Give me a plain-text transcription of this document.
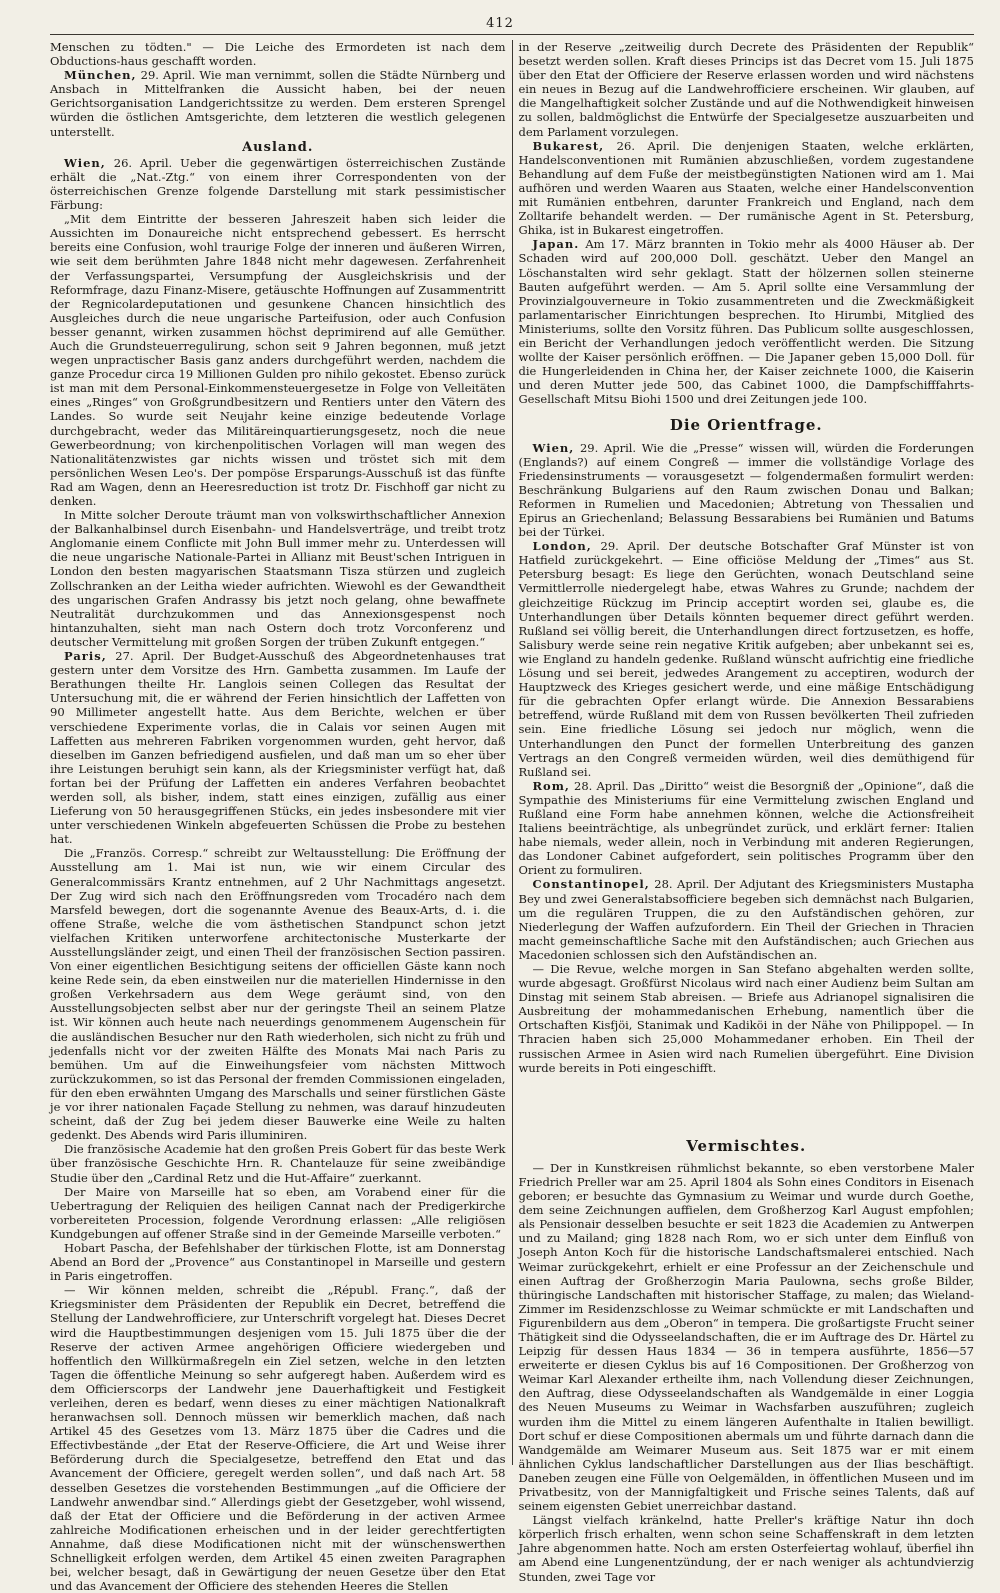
412

Menschen zu tödten." — Die Leiche des Ermordeten ist nach dem Obductions-haus geschafft worden.

München, 29. April. Wie man vernimmt, sollen die Städte Nürnberg und Ansbach in Mittelfranken die Aussicht haben, bei der neuen Gerichtsorganisation Landgerichtssitze zu werden. Dem ersteren Sprengel würden die östlichen Amtsgerichte, dem letzteren die westlich gelegenen unterstellt.

Ausland.

Wien, 26. April. Ueber die gegenwärtigen österreichischen Zustände erhält die „Nat.-Ztg.“ von einem ihrer Correspondenten von der österreichischen Grenze folgende Darstellung mit stark pessimistischer Färbung:

„Mit dem Eintritte der besseren Jahreszeit haben sich leider die Aussichten im Donaureiche nicht entsprechend gebessert. Es herrscht bereits eine Confusion, wohl traurige Folge der inneren und äußeren Wirren, wie seit dem berühmten Jahre 1848 nicht mehr dagewesen. Zerfahrenheit der Verfassungspartei, Versumpfung der Ausgleichskrisis und der Reformfrage, dazu Finanz-Misere, getäuschte Hoffnungen auf Zusammentritt der Regnicolardeputationen und gesunkene Chancen hinsichtlich des Ausgleiches durch die neue ungarische Parteifusion, oder auch Confusion besser genannt, wirken zusammen höchst deprimirend auf alle Gemüther. Auch die Grundsteuerregulirung, schon seit 9 Jahren begonnen, muß jetzt wegen unpractischer Basis ganz anders durchgeführt werden, nachdem die ganze Procedur circa 19 Millionen Gulden pro nihilo gekostet. Ebenso zurück ist man mit dem Personal-Einkommensteuergesetze in Folge von Velleitäten eines „Ringes“ von Großgrundbesitzern und Rentiers unter den Vätern des Landes. So wurde seit Neujahr keine einzige bedeutende Vorlage durchgebracht, weder das Militäreinquartierungsgesetz, noch die neue Gewerbeordnung; von kirchenpolitischen Vorlagen will man wegen des Nationalitätenzwistes gar nichts wissen und tröstet sich mit dem persönlichen Wesen Leo's. Der pompöse Ersparungs-Ausschuß ist das fünfte Rad am Wagen, denn an Heeresreduction ist trotz Dr. Fischhoff gar nicht zu denken.

In Mitte solcher Deroute träumt man von volkswirthschaftlicher Annexion der Balkanhalbinsel durch Eisenbahn- und Handelsverträge, und treibt trotz Anglomanie einem Conflicte mit John Bull immer mehr zu. Unterdessen will die neue ungarische Nationale-Partei in Allianz mit Beust'schen Intriguen in London den besten magyarischen Staatsmann Tisza stürzen und zugleich Zollschranken an der Leitha wieder aufrichten. Wiewohl es der Gewandtheit des ungarischen Grafen Andrassy bis jetzt noch gelang, ohne bewaffnete Neutralität durchzukommen und das Annexionsgespenst noch hintanzuhalten, sieht man nach Ostern doch trotz Vorconferenz und deutscher Vermittelung mit großen Sorgen der trüben Zukunft entgegen.“

Paris, 27. April. Der Budget-Ausschuß des Abgeordnetenhauses trat gestern unter dem Vorsitze des Hrn. Gambetta zusammen. Im Laufe der Berathungen theilte Hr. Langlois seinen Collegen das Resultat der Untersuchung mit, die er während der Ferien hinsichtlich der Laffetten von 90 Millimeter angestellt hatte. Aus dem Berichte, welchen er über verschiedene Experimente vorlas, die in Calais vor seinen Augen mit Laffetten aus mehreren Fabriken vorgenommen wurden, geht hervor, daß dieselben im Ganzen befriedigend ausfielen, und daß man um so eher über ihre Leistungen beruhigt sein kann, als der Kriegsminister verfügt hat, daß fortan bei der Prüfung der Laffetten ein anderes Verfahren beobachtet werden soll, als bisher, indem, statt eines einzigen, zufällig aus einer Lieferung von 50 herausgegriffenen Stücks, ein jedes insbesondere mit vier unter verschiedenen Winkeln abgefeuerten Schüssen die Probe zu bestehen hat.

Die „Französ. Corresp.“ schreibt zur Weltausstellung: Die Eröffnung der Ausstellung am 1. Mai ist nun, wie wir einem Circular des Generalcommissärs Krantz entnehmen, auf 2 Uhr Nachmittags angesetzt. Der Zug wird sich nach den Eröffnungsreden vom Trocadéro nach dem Marsfeld bewegen, dort die sogenannte Avenue des Beaux-Arts, d. i. die offene Straße, welche die vom ästhetischen Standpunct schon jetzt vielfachen Kritiken unterworfene architectonische Musterkarte der Ausstellungsländer zeigt, und einen Theil der französischen Section passiren. Von einer eigentlichen Besichtigung seitens der officiellen Gäste kann noch keine Rede sein, da eben einstweilen nur die materiellen Hindernisse in den großen Verkehrsadern aus dem Wege geräumt sind, von den Ausstellungsobjecten selbst aber nur der geringste Theil an seinem Platze ist. Wir können auch heute nach neuerdings genommenem Augenschein für die ausländischen Besucher nur den Rath wiederholen, sich nicht zu früh und jedenfalls nicht vor der zweiten Hälfte des Monats Mai nach Paris zu bemühen. Um auf die Einweihungsfeier vom nächsten Mittwoch zurückzukommen, so ist das Personal der fremden Commissionen eingeladen, für den eben erwähnten Umgang des Marschalls und seiner fürstlichen Gäste je vor ihrer nationalen Façade Stellung zu nehmen, was darauf hinzudeuten scheint, daß der Zug bei jedem dieser Bauwerke eine Weile zu halten gedenkt. Des Abends wird Paris illuminiren.

Die französische Academie hat den großen Preis Gobert für das beste Werk über französische Geschichte Hrn. R. Chantelauze für seine zweibändige Studie über den „Cardinal Retz und die Hut-Affaire“ zuerkannt.

Der Maire von Marseille hat so eben, am Vorabend einer für die Uebertragung der Reliquien des heiligen Cannat nach der Predigerkirche vorbereiteten Procession, folgende Verordnung erlassen: „Alle religiösen Kundgebungen auf offener Straße sind in der Gemeinde Marseille verboten.“

Hobart Pascha, der Befehlshaber der türkischen Flotte, ist am Donnerstag Abend an Bord der „Provence“ aus Constantinopel in Marseille und gestern in Paris eingetroffen.

— Wir können melden, schreibt die „Républ. Franç.“, daß der Kriegsminister dem Präsidenten der Republik ein Decret, betreffend die Stellung der Landwehrofficiere, zur Unterschrift vorgelegt hat. Dieses Decret wird die Hauptbestimmungen desjenigen vom 15. Juli 1875 über die der Reserve der activen Armee angehörigen Officiere wiedergeben und hoffentlich den Willkürmaßregeln ein Ziel setzen, welche in den letzten Tagen die öffentliche Meinung so sehr aufgeregt haben. Außerdem wird es dem Officierscorps der Landwehr jene Dauerhaftigkeit und Festigkeit verleihen, deren es bedarf, wenn dieses zu einer mächtigen Nationalkraft heranwachsen soll. Dennoch müssen wir bemerklich machen, daß nach Artikel 45 des Gesetzes vom 13. März 1875 über die Cadres und die Effectivbestände „der Etat der Reserve-Officiere, die Art und Weise ihrer Beförderung durch die Specialgesetze, betreffend den Etat und das Avancement der Officiere, geregelt werden sollen“, und daß nach Art. 58 desselben Gesetzes die vorstehenden Bestimmungen „auf die Officiere der Landwehr anwendbar sind.“ Allerdings giebt der Gesetzgeber, wohl wissend, daß der Etat der Officiere und die Beförderung in der activen Armee zahlreiche Modificationen erheischen und in der leider gerechtfertigten Annahme, daß diese Modificationen nicht mit der wünschenswerthen Schnelligkeit erfolgen werden, dem Artikel 45 einen zweiten Paragraphen bei, welcher besagt, daß in Gewärtigung der neuen Gesetze über den Etat und das Avancement der Officiere des stehenden Heeres die Stellen

in der Reserve „zeitweilig durch Decrete des Präsidenten der Republik“ besetzt werden sollen. Kraft dieses Princips ist das Decret vom 15. Juli 1875 über den Etat der Officiere der Reserve erlassen worden und wird nächstens ein neues in Bezug auf die Landwehrofficiere erscheinen. Wir glauben, auf die Mangelhaftigkeit solcher Zustände und auf die Nothwendigkeit hinweisen zu sollen, baldmöglichst die Entwürfe der Specialgesetze auszuarbeiten und dem Parlament vorzulegen.

Bukarest, 26. April. Die denjenigen Staaten, welche erklärten, Handelsconventionen mit Rumänien abzuschließen, vordem zugestandene Behandlung auf dem Fuße der meistbegünstigten Nationen wird am 1. Mai aufhören und werden Waaren aus Staaten, welche einer Handelsconvention mit Rumänien entbehren, darunter Frankreich und England, nach dem Zolltarife behandelt werden. — Der rumänische Agent in St. Petersburg, Ghika, ist in Bukarest eingetroffen.

Japan. Am 17. März brannten in Tokio mehr als 4000 Häuser ab. Der Schaden wird auf 200,000 Doll. geschätzt. Ueber den Mangel an Löschanstalten wird sehr geklagt. Statt der hölzernen sollen steinerne Bauten aufgeführt werden. — Am 5. April sollte eine Versammlung der Provinzialgouverneure in Tokio zusammentreten und die Zweckmäßigkeit parlamentarischer Einrichtungen besprechen. Ito Hirumbi, Mitglied des Ministeriums, sollte den Vorsitz führen. Das Publicum sollte ausgeschlossen, ein Bericht der Verhandlungen jedoch veröffentlicht werden. Die Sitzung wollte der Kaiser persönlich eröffnen. — Die Japaner geben 15,000 Doll. für die Hungerleidenden in China her, der Kaiser zeichnete 1000, die Kaiserin und deren Mutter jede 500, das Cabinet 1000, die Dampfschifffahrts-Gesellschaft Mitsu Biohi 1500 und drei Zeitungen jede 100.

Die Orientfrage.

Wien, 29. April. Wie die „Presse“ wissen will, würden die Forderungen (Englands?) auf einem Congreß — immer die vollständige Vorlage des Friedensinstruments — vorausgesetzt — folgendermaßen formulirt werden: Beschränkung Bulgariens auf den Raum zwischen Donau und Balkan; Reformen in Rumelien und Macedonien; Abtretung von Thessalien und Epirus an Griechenland; Belassung Bessarabiens bei Rumänien und Batums bei der Türkei.

London, 29. April. Der deutsche Botschafter Graf Münster ist von Hatfield zurückgekehrt. — Eine officiöse Meldung der „Times“ aus St. Petersburg besagt: Es liege den Gerüchten, wonach Deutschland seine Vermittlerrolle niedergelegt habe, etwas Wahres zu Grunde; nachdem der gleichzeitige Rückzug im Princip acceptirt worden sei, glaube es, die Unterhandlungen über Details könnten bequemer direct geführt werden. Rußland sei völlig bereit, die Unterhandlungen direct fortzusetzen, es hoffe, Salisbury werde seine rein negative Kritik aufgeben; aber unbekannt sei es, wie England zu handeln gedenke. Rußland wünscht aufrichtig eine friedliche Lösung und sei bereit, jedwedes Arangement zu acceptiren, wodurch der Hauptzweck des Krieges gesichert werde, und eine mäßige Entschädigung für die gebrachten Opfer erlangt würde. Die Annexion Bessarabiens betreffend, würde Rußland mit dem von Russen bevölkerten Theil zufrieden sein. Eine friedliche Lösung sei jedoch nur möglich, wenn die Unterhandlungen den Punct der formellen Unterbreitung des ganzen Vertrags an den Congreß vermeiden würden, weil dies demüthigend für Rußland sei.

Rom, 28. April. Das „Diritto“ weist die Besorgniß der „Opinione“, daß die Sympathie des Ministeriums für eine Vermittelung zwischen England und Rußland eine Form habe annehmen können, welche die Actionsfreiheit Italiens beeinträchtige, als unbegründet zurück, und erklärt ferner: Italien habe niemals, weder allein, noch in Verbindung mit anderen Regierungen, das Londoner Cabinet aufgefordert, sein politisches Programm über den Orient zu formuliren.

Constantinopel, 28. April. Der Adjutant des Kriegsministers Mustapha Bey und zwei Generalstabsofficiere begeben sich demnächst nach Bulgarien, um die regulären Truppen, die zu den Aufständischen gehören, zur Niederlegung der Waffen aufzufordern. Ein Theil der Griechen in Thracien macht gemeinschaftliche Sache mit den Aufständischen; auch Griechen aus Macedonien schlossen sich den Aufständischen an.

— Die Revue, welche morgen in San Stefano abgehalten werden sollte, wurde abgesagt. Großfürst Nicolaus wird nach einer Audienz beim Sultan am Dinstag mit seinem Stab abreisen. — Briefe aus Adrianopel signalisiren die Ausbreitung der mohammedanischen Erhebung, namentlich über die Ortschaften Kisfjöi, Stanimak und Kadiköi in der Nähe von Philippopel. — In Thracien haben sich 25,000 Mohammedaner erhoben. Ein Theil der russischen Armee in Asien wird nach Rumelien übergeführt. Eine Division wurde bereits in Poti eingeschifft.

Vermischtes.

— Der in Kunstkreisen rühmlichst bekannte, so eben verstorbene Maler Friedrich Preller war am 25. April 1804 als Sohn eines Conditors in Eisenach geboren; er besuchte das Gymnasium zu Weimar und wurde durch Goethe, dem seine Zeichnungen auffielen, dem Großherzog Karl August empfohlen; als Pensionair desselben besuchte er seit 1823 die Academien zu Antwerpen und zu Mailand; ging 1828 nach Rom, wo er sich unter dem Einfluß von Joseph Anton Koch für die historische Landschaftsmalerei entschied. Nach Weimar zurückgekehrt, erhielt er eine Professur an der Zeichenschule und einen Auftrag der Großherzogin Maria Paulowna, sechs große Bilder, thüringische Landschaften mit historischer Staffage, zu malen; das Wieland-Zimmer im Residenzschlosse zu Weimar schmückte er mit Landschaften und Figurenbildern aus dem „Oberon“ in tempera. Die großartigste Frucht seiner Thätigkeit sind die Odysseelandschaften, die er im Auftrage des Dr. Härtel zu Leipzig für dessen Haus 1834 — 36 in tempera ausführte, 1856—57 erweiterte er diesen Cyklus bis auf 16 Compositionen. Der Großherzog von Weimar Karl Alexander ertheilte ihm, nach Vollendung dieser Zeichnungen, den Auftrag, diese Odysseelandschaften als Wandgemälde in einer Loggia des Neuen Museums zu Weimar in Wachsfarben auszuführen; zugleich wurden ihm die Mittel zu einem längeren Aufenthalte in Italien bewilligt. Dort schuf er diese Compositionen abermals um und führte darnach dann die Wandgemälde am Weimarer Museum aus. Seit 1875 war er mit einem ähnlichen Cyklus landschaftlicher Darstellungen aus der Ilias beschäftigt. Daneben zeugen eine Fülle von Oelgemälden, in öffentlichen Museen und im Privatbesitz, von der Mannigfaltigkeit und Frische seines Talents, daß auf seinem eigensten Gebiet unerreichbar dastand.

Längst vielfach kränkelnd, hatte Preller's kräftige Natur ihn doch körperlich frisch erhalten, wenn schon seine Schaffenskraft in dem letzten Jahre abgenommen hatte. Noch am ersten Osterfeiertag wohlauf, überfiel ihn am Abend eine Lungenentzündung, der er nach weniger als achtundvierzig Stunden, zwei Tage vor
